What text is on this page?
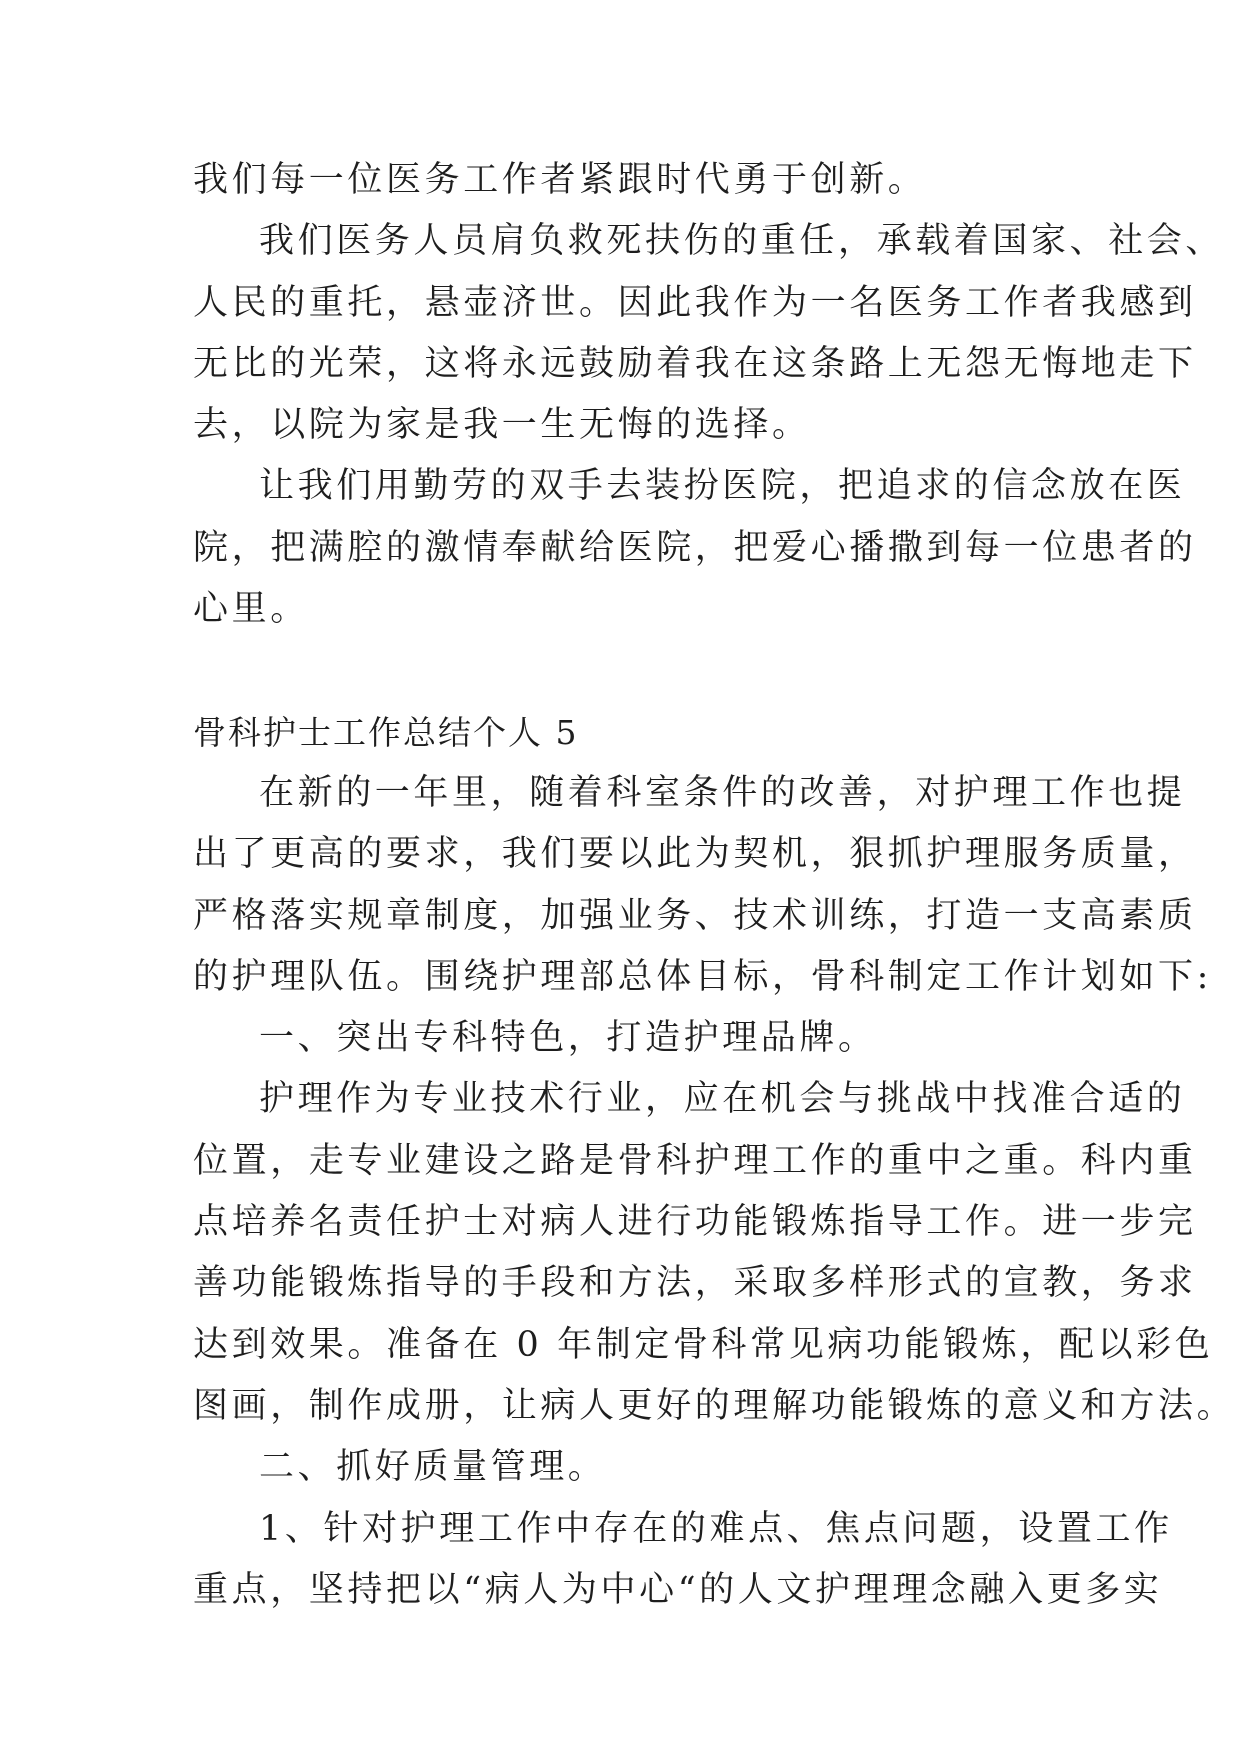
我们每一位医务工作者紧跟时代勇于创新。
我们医务人员肩负救死扶伤的重任，承载着国家、社会、
人民的重托，悬壶济世。因此我作为一名医务工作者我感到
无比的光荣，这将永远鼓励着我在这条路上无怨无悔地走下
去，以院为家是我一生无悔的选择。
让我们用勤劳的双手去装扮医院，把追求的信念放在医
院，把满腔的激情奉献给医院，把爱心播撒到每一位患者的
心里。
骨科护士工作总结个人 5
在新的一年里，随着科室条件的改善，对护理工作也提
出了更高的要求，我们要以此为契机，狠抓护理服务质量，
严格落实规章制度，加强业务、技术训练，打造一支高素质
的护理队伍。围绕护理部总体目标，骨科制定工作计划如下:
一、突出专科特色，打造护理品牌。
护理作为专业技术行业，应在机会与挑战中找准合适的
位置，走专业建设之路是骨科护理工作的重中之重。科内重
点培养名责任护士对病人进行功能锻炼指导工作。进一步完
善功能锻炼指导的手段和方法，采取多样形式的宣教，务求
达到效果。准备在 0 年制定骨科常见病功能锻炼，配以彩色
图画，制作成册，让病人更好的理解功能锻炼的意义和方法。
二、抓好质量管理。
1、针对护理工作中存在的难点、焦点问题，设置工作
重点，坚持把以“病人为中心“的人文护理理念融入更多实
